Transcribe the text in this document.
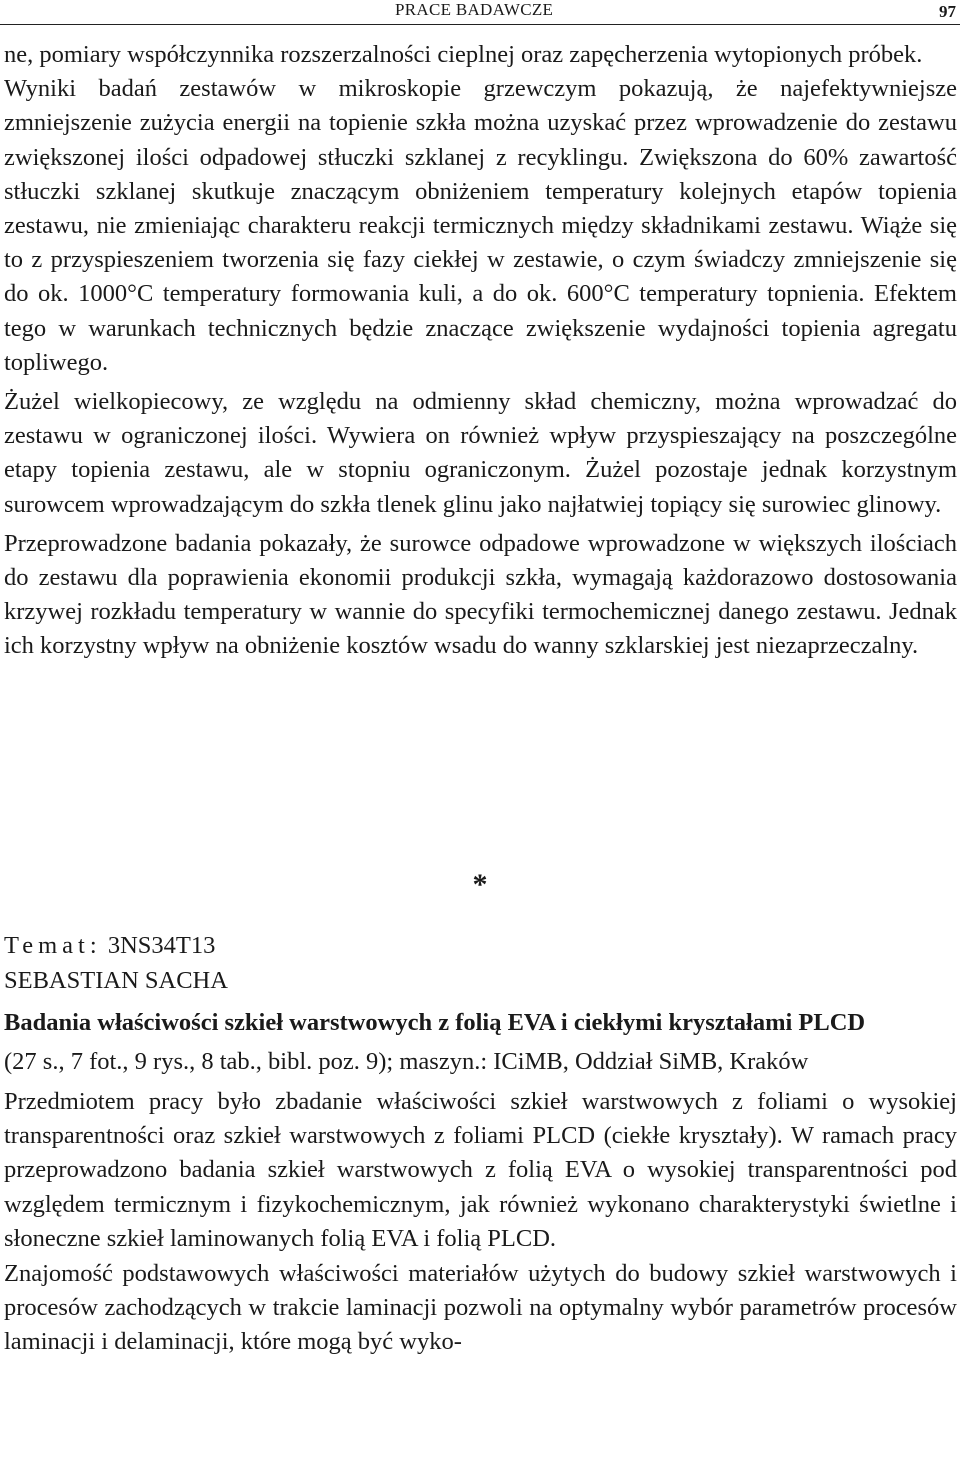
PRACE BADAWCZE	97

ne, pomiary współczynnika rozszerzalności cieplnej oraz zapęcherzenia wytopionych próbek.

Wyniki badań zestawów w mikroskopie grzewczym pokazują, że najefektywniejsze zmniejszenie zużycia energii na topienie szkła można uzyskać przez wprowadzenie do zestawu zwiększonej ilości odpadowej stłuczki szklanej z recyklingu. Zwiększona do 60% zawartość stłuczki szklanej skutkuje znaczącym obniżeniem temperatury kolejnych etapów topienia zestawu, nie zmieniając charakteru reakcji termicznych między składnikami zestawu. Wiąże się to z przyspieszeniem tworzenia się fazy ciekłej w zestawie, o czym świadczy zmniejszenie się do ok. 1000°C temperatury formowania kuli, a do ok. 600°C temperatury topnienia. Efektem tego w warunkach technicznych będzie znaczące zwiększenie wydajności topienia agregatu topliwego.

Żużel wielkopiecowy, ze względu na odmienny skład chemiczny, można wprowadzać do zestawu w ograniczonej ilości. Wywiera on również wpływ przyspieszający na poszczególne etapy topienia zestawu, ale w stopniu ograniczonym. Żużel pozostaje jednak korzystnym surowcem wprowadzającym do szkła tlenek glinu jako najłatwiej topiący się surowiec glinowy.

Przeprowadzone badania pokazały, że surowce odpadowe wprowadzone w większych ilościach do zestawu dla poprawienia ekonomii produkcji szkła, wymagają każdorazowo dostosowania krzywej rozkładu temperatury w wannie do specyfiki termochemicznej danego zestawu. Jednak ich korzystny wpływ na obniżenie kosztów wsadu do wanny szklarskiej jest niezaprzeczalny.

*
Temat: 3NS34T13
SEBASTIAN SACHA
Badania właściwości szkieł warstwowych z folią EVA i ciekłymi kryształami PLCD
(27 s., 7 fot., 9 rys., 8 tab., bibl. poz. 9); maszyn.: ICiMB, Oddział SiMB, Kraków

Przedmiotem pracy było zbadanie właściwości szkieł warstwowych z foliami o wysokiej transparentności oraz szkieł warstwowych z foliami PLCD (ciekłe kryształy). W ramach pracy przeprowadzono badania szkieł warstwowych z folią EVA o wysokiej transparentności pod względem termicznym i fizykochemicznym, jak również wykonano charakterystyki świetlne i słoneczne szkieł laminowanych folią EVA i folią PLCD.

Znajomość podstawowych właściwości materiałów użytych do budowy szkieł warstwowych i procesów zachodzących w trakcie laminacji pozwoli na optymalny wybór parametrów procesów laminacji i delaminacji, które mogą być wyko-
